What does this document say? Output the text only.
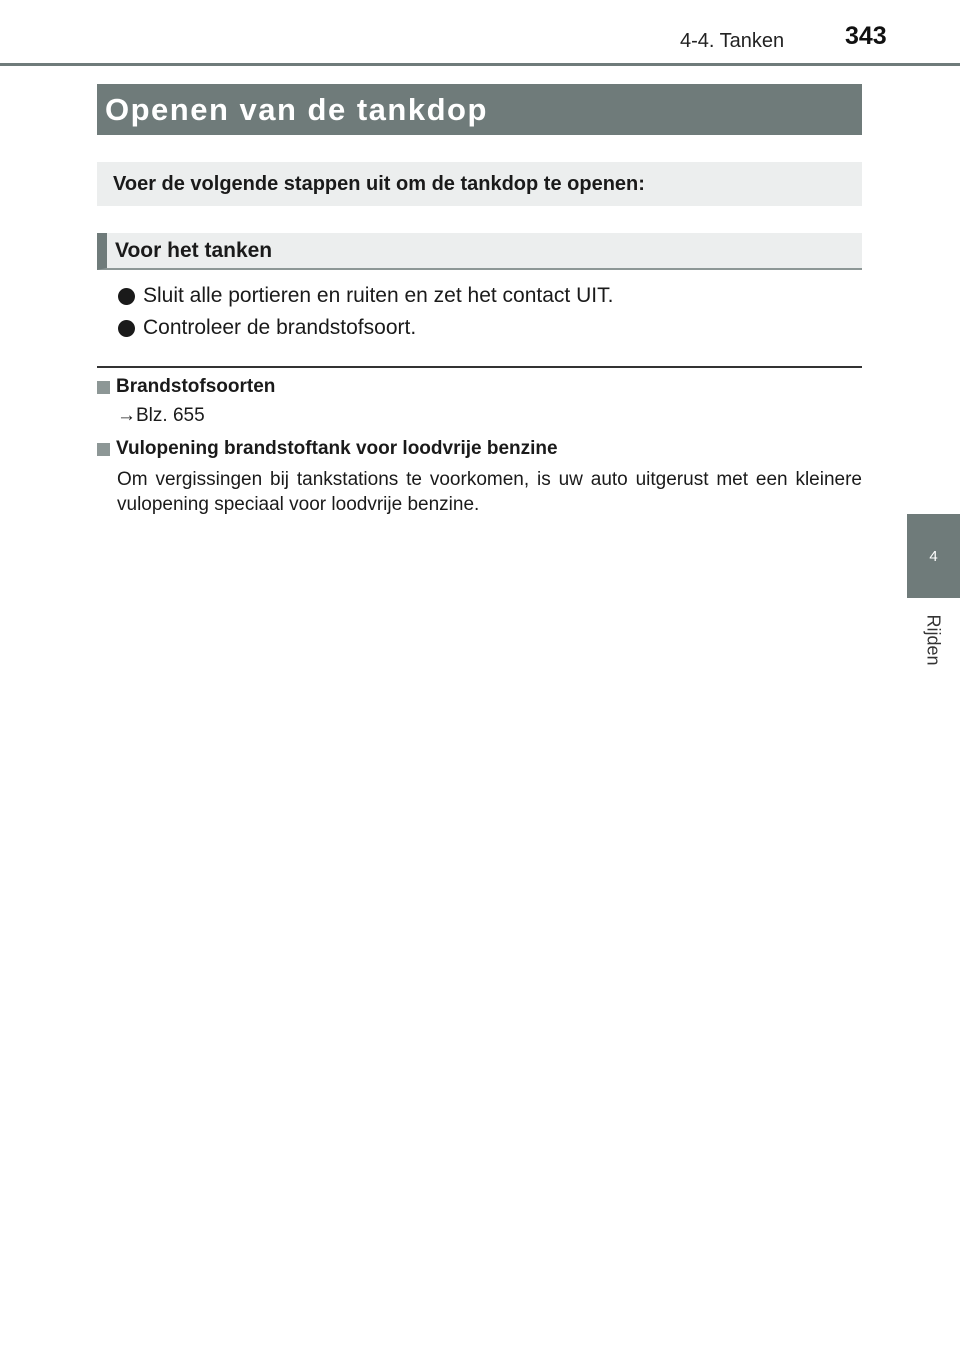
4-4. Tanken 343
4
Rijden
Openen van de tankdop
Voer de volgende stappen uit om de tankdop te openen:
Voor het tanken
Sluit alle portieren en ruiten en zet het contact UIT.
Controleer de brandstofsoort.
Brandstofsoorten
→Blz. 655
Vulopening brandstoftank voor loodvrije benzine
Om vergissingen bij tankstations te voorkomen, is uw auto uitgerust met een kleinere vulopening speciaal voor loodvrije benzine.
